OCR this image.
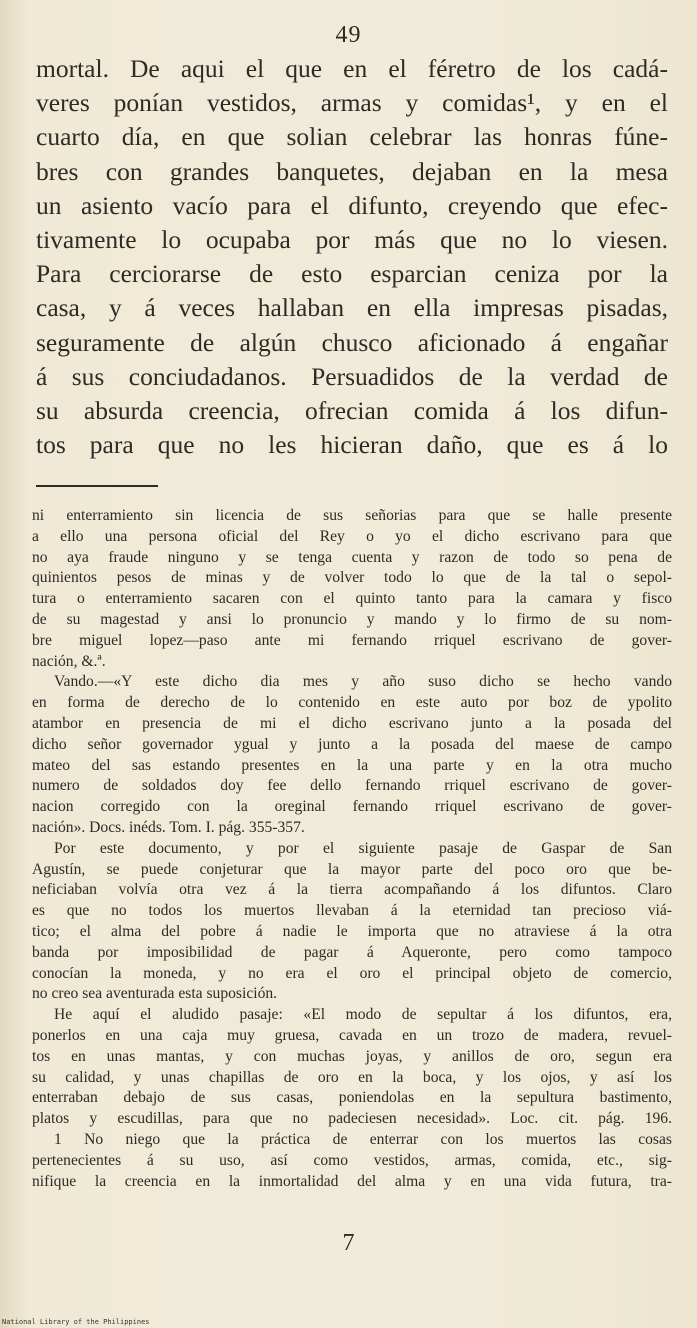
49
mortal. De aqui el que en el féretro de los cadá-
veres ponían vestidos, armas y comidas¹, y en el
cuarto día, en que solian celebrar las honras fúne-
bres con grandes banquetes, dejaban en la mesa
un asiento vacío para el difunto, creyendo que efec-
tivamente lo ocupaba por más que no lo viesen.
Para cerciorarse de esto esparcian ceniza por la
casa, y á veces hallaban en ella impresas pisadas,
seguramente de algún chusco aficionado á engañar
á sus conciudadanos. Persuadidos de la verdad de
su absurda creencia, ofrecian comida á los difun-
tos para que no les hicieran daño, que es á lo
ni enterramiento sin licencia de sus señorias para que se halle presente
a ello una persona oficial del Rey o yo el dicho escrivano para que
no aya fraude ninguno y se tenga cuenta y razon de todo so pena de
quinientos pesos de minas y de volver todo lo que de la tal o sepol-
tura o enterramiento sacaren con el quinto tanto para la camara y fisco
de su magestad y ansi lo pronuncio y mando y lo firmo de su nom-
bre miguel lopez—paso ante mi fernando rriquel escrivano de gover-
nación, &.ª.
Vando.—«Y este dicho dia mes y año suso dicho se hecho vando
en forma de derecho de lo contenido en este auto por boz de ypolito
atambor en presencia de mi el dicho escrivano junto a la posada del
dicho señor governador ygual y junto a la posada del maese de campo
mateo del sas estando presentes en la una parte y en la otra mucho
numero de soldados doy fee dello fernando rriquel escrivano de gover-
nacion corregido con la oreginal fernando rriquel escrivano de gover-
nación». Docs. inéds. Tom. I. pág. 355-357.
Por este documento, y por el siguiente pasaje de Gaspar de San
Agustín, se puede conjeturar que la mayor parte del poco oro que be-
neficiaban volvía otra vez á la tierra acompañando á los difuntos. Claro
es que no todos los muertos llevaban á la eternidad tan precioso viá-
tico; el alma del pobre á nadie le importa que no atraviese á la otra
banda por imposibilidad de pagar á Aqueronte, pero como tampoco
conocían la moneda, y no era el oro el principal objeto de comercio,
no creo sea aventurada esta suposición.
He aquí el aludido pasaje: «El modo de sepultar á los difuntos, era,
ponerlos en una caja muy gruesa, cavada en un trozo de madera, revuel-
tos en unas mantas, y con muchas joyas, y anillos de oro, segun era
su calidad, y unas chapillas de oro en la boca, y los ojos, y así los
enterraban debajo de sus casas, poniendolas en la sepultura bastimento,
platos y escudillas, para que no padeciesen necesidad». Loc. cit. pág. 196.
1 No niego que la práctica de enterrar con los muertos las cosas
pertenecientes á su uso, así como vestidos, armas, comida, etc., sig-
nifique la creencia en la inmortalidad del alma y en una vida futura, tra-
7
National Library of the Philippines
